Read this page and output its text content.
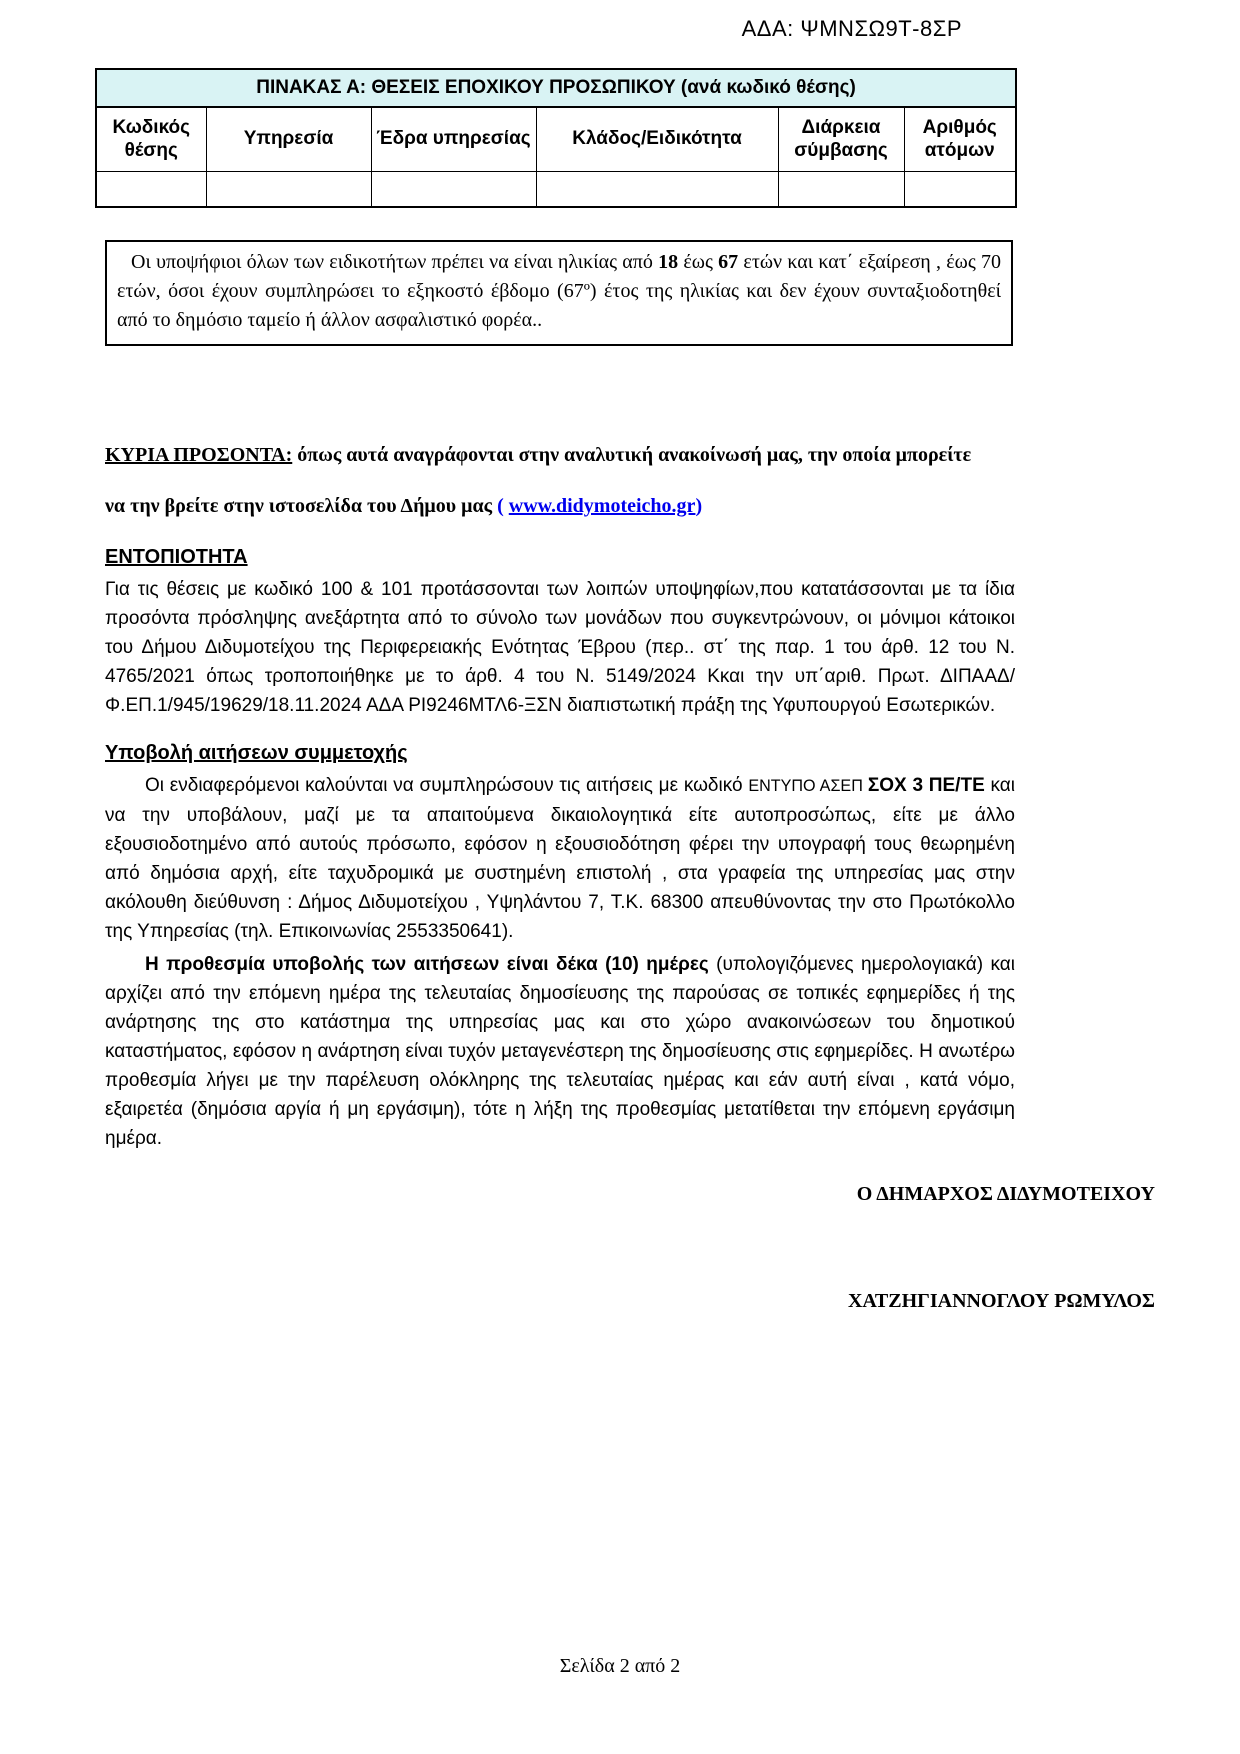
ΑΔΑ: ΨΜΝΣΩ9Τ-8ΣΡ
ΠΙΝΑΚΑΣ Α: ΘΕΣΕΙΣ ΕΠΟΧΙΚΟΥ ΠΡΟΣΩΠΙΚΟΥ (ανά κωδικό θέσης)					
Κωδικός θέσης	Υπηρεσία	Έδρα υπηρεσίας	Κλάδος/Ειδικότητα	Διάρκεια σύμβασης	Αριθμός ατόμων

Οι υποψήφιοι όλων των ειδικοτήτων πρέπει να είναι ηλικίας από 18 έως 67 ετών και κατ΄ εξαίρεση , έως 70 ετών, όσοι έχουν συμπληρώσει το εξηκοστό έβδομο (67º) έτος της ηλικίας και δεν έχουν συνταξιοδοτηθεί από το δημόσιο ταμείο ή άλλον ασφαλιστικό φορέα..

ΚΥΡΙΑ ΠΡΟΣΟΝΤΑ: όπως αυτά αναγράφονται στην αναλυτική ανακοίνωσή μας, την οποία μπορείτε

να την βρείτε στην ιστοσελίδα του Δήμου μας ( www.didymoteicho.gr)

ΕΝΤΟΠΙΟΤΗΤΑ

Για τις θέσεις με κωδικό 100 & 101 προτάσσονται των λοιπών υποψηφίων,που κατατάσσονται με τα ίδια προσόντα πρόσληψης ανεξάρτητα από το σύνολο των μονάδων που συγκεντρώνουν, οι μόνιμοι κάτοικοι του Δήμου Διδυμοτείχου της Περιφερειακής Ενότητας Έβρου (περ.. στ΄ της παρ. 1 του άρθ. 12 του Ν. 4765/2021 όπως τροποποιήθηκε με το άρθ. 4 του Ν. 5149/2024 Κκαι την υπ΄αριθ. Πρωτ. ΔΙΠΑΑΔ/Φ.ΕΠ.1/945/19629/18.11.2024 ΑΔΑ ΡΙ9246ΜΤΛ6-ΞΣΝ διαπιστωτική πράξη της Υφυπουργού Εσωτερικών.

Υποβολή αιτήσεων συμμετοχής

Οι ενδιαφερόμενοι καλούνται να συμπληρώσουν τις αιτήσεις με κωδικό ΕΝΤΥΠΟ ΑΣΕΠ ΣΟΧ 3 ΠΕ/ΤΕ και να την υποβάλουν, μαζί με τα απαιτούμενα δικαιολογητικά είτε αυτοπροσώπως, είτε με άλλο εξουσιοδοτημένο από αυτούς πρόσωπο, εφόσον η εξουσιοδότηση φέρει την υπογραφή τους θεωρημένη από δημόσια αρχή, είτε ταχυδρομικά με συστημένη επιστολή , στα γραφεία της υπηρεσίας μας στην ακόλουθη διεύθυνση : Δήμος Διδυμοτείχου , Υψηλάντου 7, Τ.Κ. 68300 απευθύνοντας την στο Πρωτόκολλο της Υπηρεσίας (τηλ. Επικοινωνίας 2553350641).

Η προθεσμία υποβολής των αιτήσεων είναι δέκα (10) ημέρες (υπολογιζόμενες ημερολογιακά) και αρχίζει από την επόμενη ημέρα της τελευταίας δημοσίευσης της παρούσας σε τοπικές εφημερίδες ή της ανάρτησης της στο κατάστημα της υπηρεσίας μας και στο χώρο ανακοινώσεων του δημοτικού καταστήματος, εφόσον η ανάρτηση είναι τυχόν μεταγενέστερη της δημοσίευσης στις εφημερίδες. Η ανωτέρω προθεσμία λήγει με την παρέλευση ολόκληρης της τελευταίας ημέρας και εάν αυτή είναι , κατά νόμο, εξαιρετέα (δημόσια αργία ή μη εργάσιμη), τότε η λήξη της προθεσμίας μετατίθεται την επόμενη εργάσιμη ημέρα.

Ο ΔΗΜΑΡΧΟΣ ΔΙΔΥΜΟΤΕΙΧΟΥ
ΧΑΤΖΗΓΙΑΝΝΟΓΛΟΥ ΡΩΜΥΛΟΣ
Σελίδα 2 από 2
